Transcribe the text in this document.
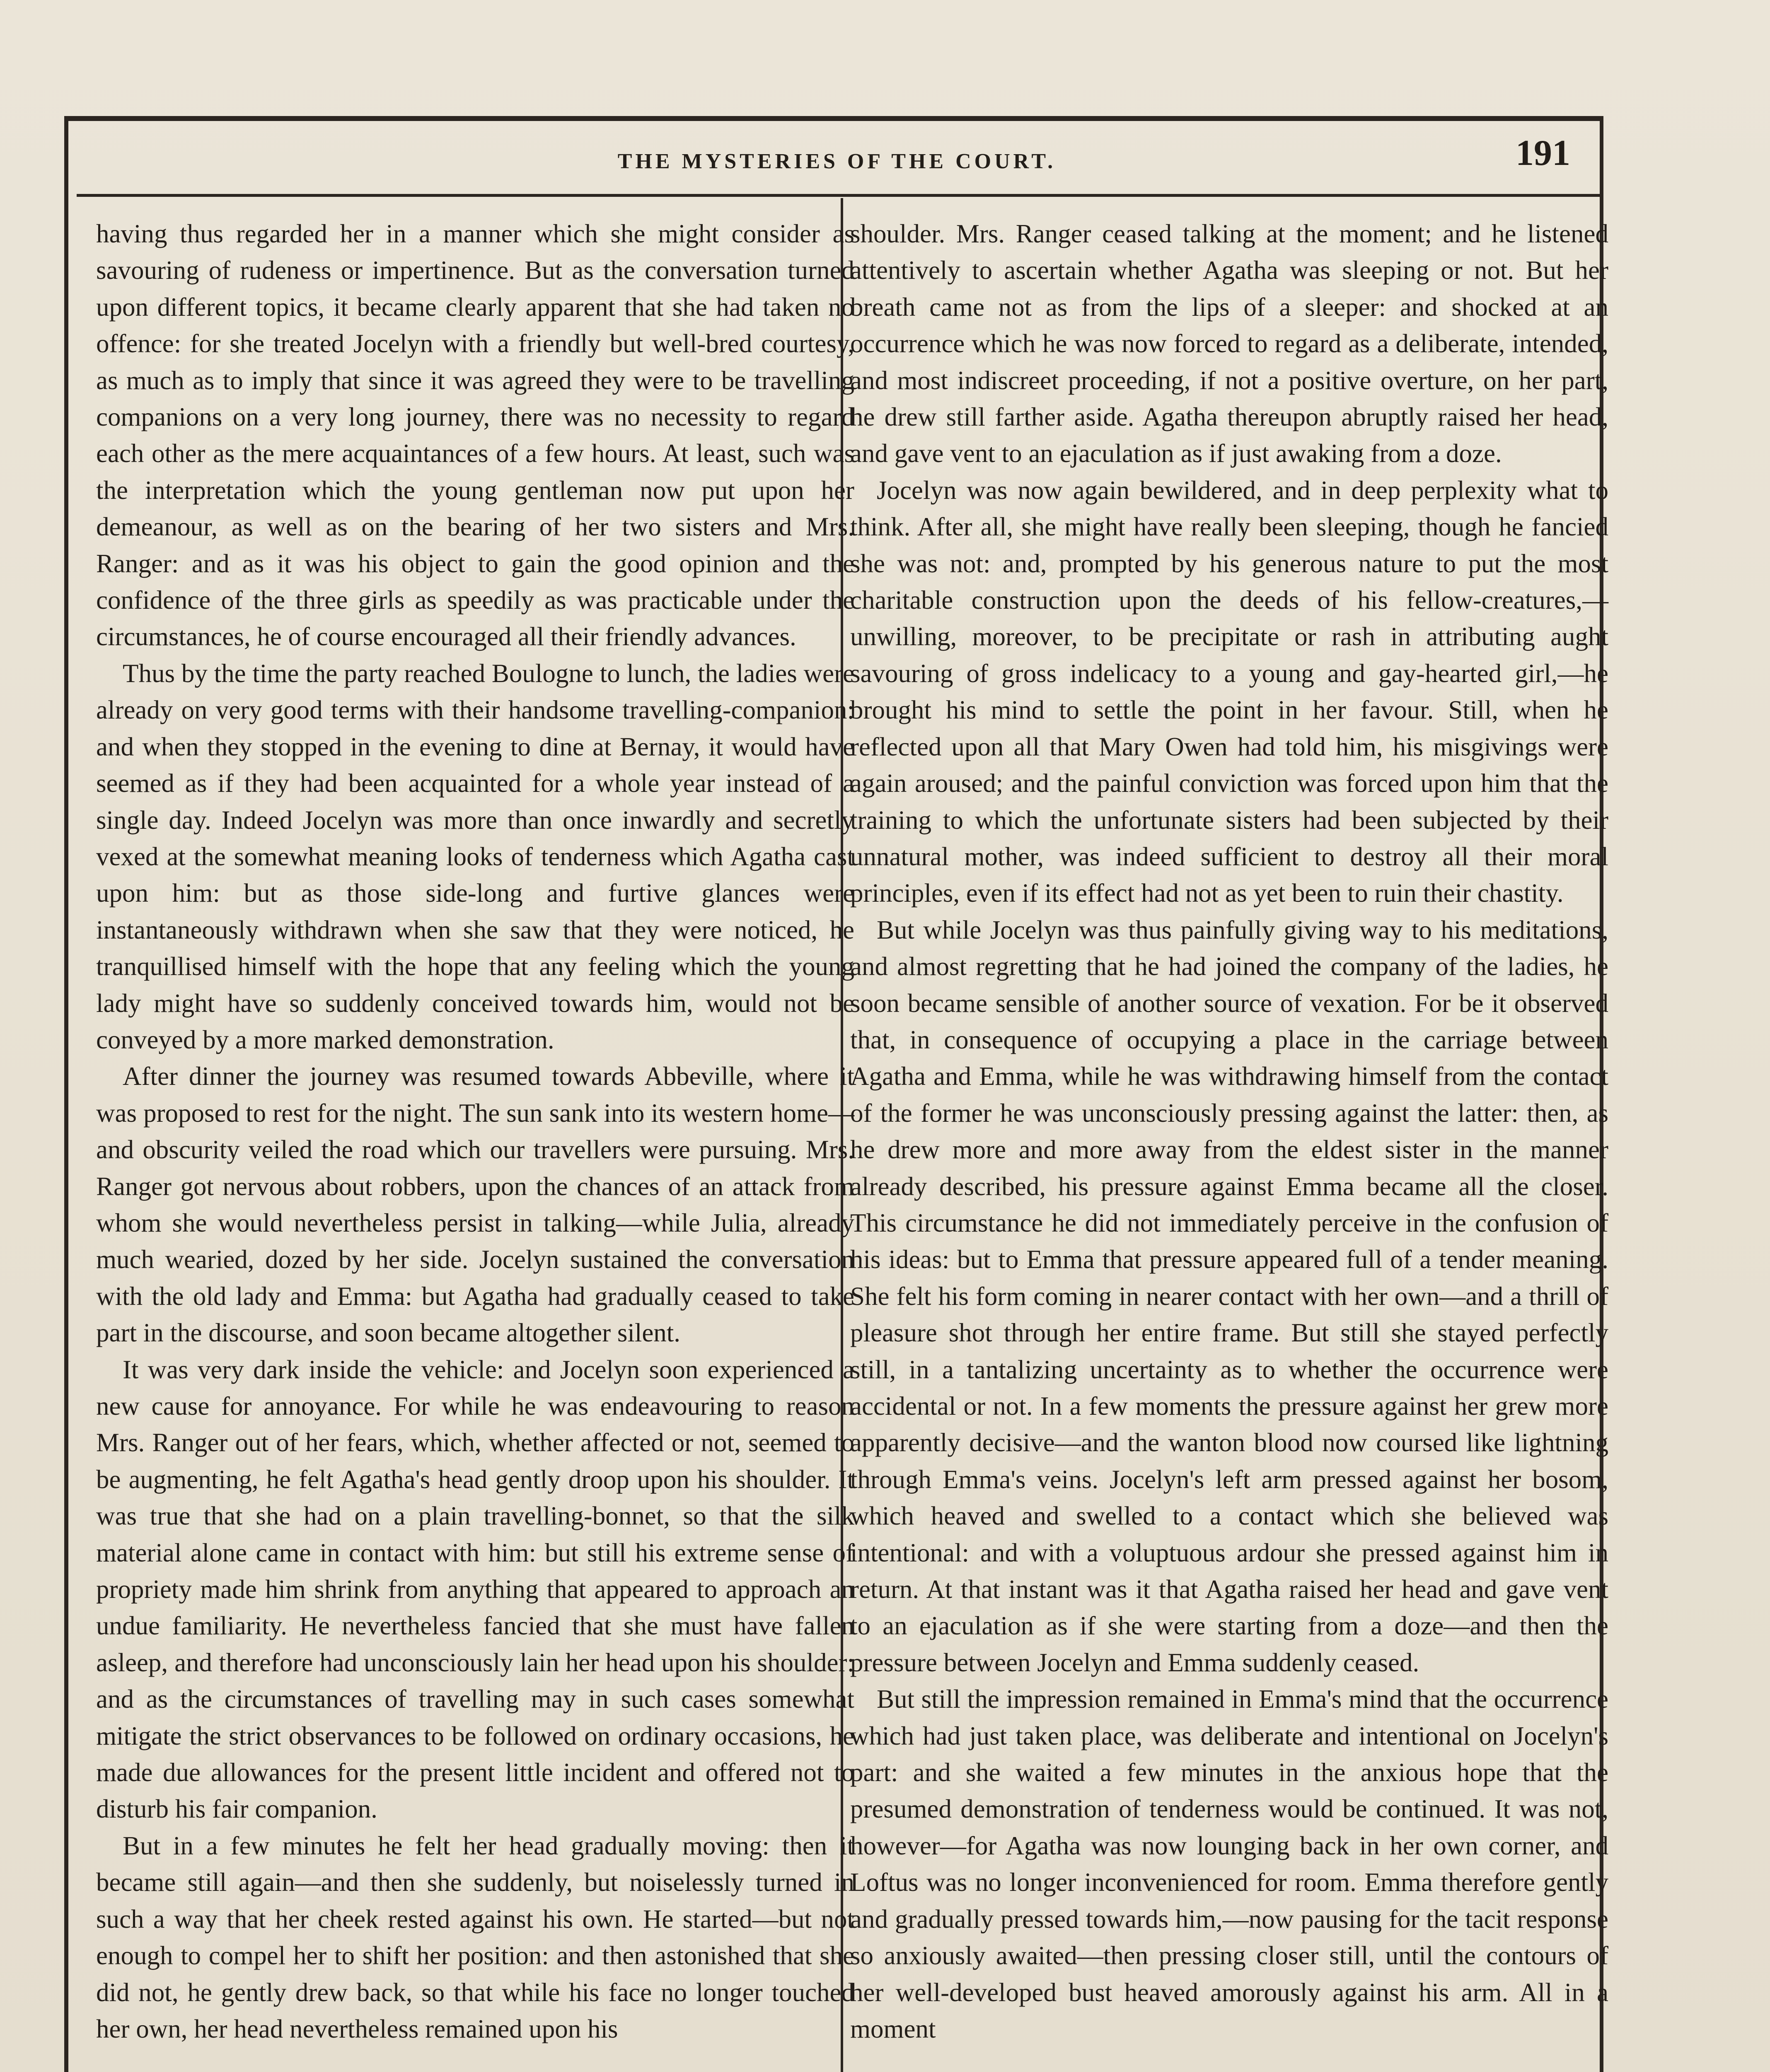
THE MYSTERIES OF THE COURT.	191

having thus regarded her in a manner which she might consider as savouring of rudeness or impertinence. But as the conversation turned upon different topics, it became clearly apparent that she had taken no offence: for she treated Jocelyn with a friendly but well-bred courtesy, as much as to imply that since it was agreed they were to be travelling companions on a very long journey, there was no necessity to regard each other as the mere acquaintances of a few hours. At least, such was the interpretation which the young gentleman now put upon her demeanour, as well as on the bearing of her two sisters and Mrs. Ranger: and as it was his object to gain the good opinion and the confidence of the three girls as speedily as was practicable under the circumstances, he of course encouraged all their friendly advances.

Thus by the time the party reached Boulogne to lunch, the ladies were already on very good terms with their handsome travelling-companion: and when they stopped in the evening to dine at Bernay, it would have seemed as if they had been acquainted for a whole year instead of a single day. Indeed Jocelyn was more than once inwardly and secretly vexed at the somewhat meaning looks of tenderness which Agatha cast upon him: but as those side-long and furtive glances were instantaneously withdrawn when she saw that they were noticed, he tranquillised himself with the hope that any feeling which the young lady might have so suddenly conceived towards him, would not be conveyed by a more marked demonstration.

After dinner the journey was resumed towards Abbeville, where it was proposed to rest for the night. The sun sank into its western home—and obscurity veiled the road which our travellers were pursuing. Mrs. Ranger got nervous about robbers, upon the chances of an attack from whom she would nevertheless persist in talking—while Julia, already much wearied, dozed by her side. Jocelyn sustained the conversation with the old lady and Emma: but Agatha had gradually ceased to take part in the discourse, and soon became altogether silent.

It was very dark inside the vehicle: and Jocelyn soon experienced a new cause for annoyance. For while he was endeavouring to reason Mrs. Ranger out of her fears, which, whether affected or not, seemed to be augmenting, he felt Agatha's head gently droop upon his shoulder. It was true that she had on a plain travelling-bonnet, so that the silk material alone came in contact with him: but still his extreme sense of propriety made him shrink from anything that appeared to approach an undue familiarity. He nevertheless fancied that she must have fallen asleep, and therefore had unconsciously lain her head upon his shoulder: and as the circumstances of travelling may in such cases somewhat mitigate the strict observances to be followed on ordinary occasions, he made due allowances for the present little incident and offered not to disturb his fair companion.

But in a few minutes he felt her head gradually moving: then it became still again—and then she suddenly, but noiselessly turned in such a way that her cheek rested against his own. He started—but not enough to compel her to shift her position: and then astonished that she did not, he gently drew back, so that while his face no longer touched her own, her head nevertheless remained upon his

shoulder. Mrs. Ranger ceased talking at the moment; and he listened attentively to ascertain whether Agatha was sleeping or not. But her breath came not as from the lips of a sleeper: and shocked at an occurrence which he was now forced to regard as a deliberate, intended, and most indiscreet proceeding, if not a positive overture, on her part, he drew still farther aside. Agatha thereupon abruptly raised her head, and gave vent to an ejaculation as if just awaking from a doze.

Jocelyn was now again bewildered, and in deep perplexity what to think. After all, she might have really been sleeping, though he fancied she was not: and, prompted by his generous nature to put the most charitable construction upon the deeds of his fellow-creatures,—unwilling, moreover, to be precipitate or rash in attributing aught savouring of gross indelicacy to a young and gay-hearted girl,—he brought his mind to settle the point in her favour. Still, when he reflected upon all that Mary Owen had told him, his misgivings were again aroused; and the painful conviction was forced upon him that the training to which the unfortunate sisters had been subjected by their unnatural mother, was indeed sufficient to destroy all their moral principles, even if its effect had not as yet been to ruin their chastity.

But while Jocelyn was thus painfully giving way to his meditations, and almost regretting that he had joined the company of the ladies, he soon became sensible of another source of vexation. For be it observed that, in consequence of occupying a place in the carriage between Agatha and Emma, while he was withdrawing himself from the contact of the former he was unconsciously pressing against the latter: then, as he drew more and more away from the eldest sister in the manner already described, his pressure against Emma became all the closer. This circumstance he did not immediately perceive in the confusion of his ideas: but to Emma that pressure appeared full of a tender meaning. She felt his form coming in nearer contact with her own—and a thrill of pleasure shot through her entire frame. But still she stayed perfectly still, in a tantalizing uncertainty as to whether the occurrence were accidental or not. In a few moments the pressure against her grew more apparently decisive—and the wanton blood now coursed like lightning through Emma's veins. Jocelyn's left arm pressed against her bosom, which heaved and swelled to a contact which she believed was intentional: and with a voluptuous ardour she pressed against him in return. At that instant was it that Agatha raised her head and gave vent to an ejaculation as if she were starting from a doze—and then the pressure between Jocelyn and Emma suddenly ceased.

But still the impression remained in Emma's mind that the occurrence which had just taken place, was deliberate and intentional on Jocelyn's part: and she waited a few minutes in the anxious hope that the presumed demonstration of tenderness would be continued. It was not, however—for Agatha was now lounging back in her own corner, and Loftus was no longer inconvenienced for room. Emma therefore gently and gradually pressed towards him,—now pausing for the tacit response so anxiously awaited—then pressing closer still, until the contours of her well-developed bust heaved amorously against his arm. All in a moment
